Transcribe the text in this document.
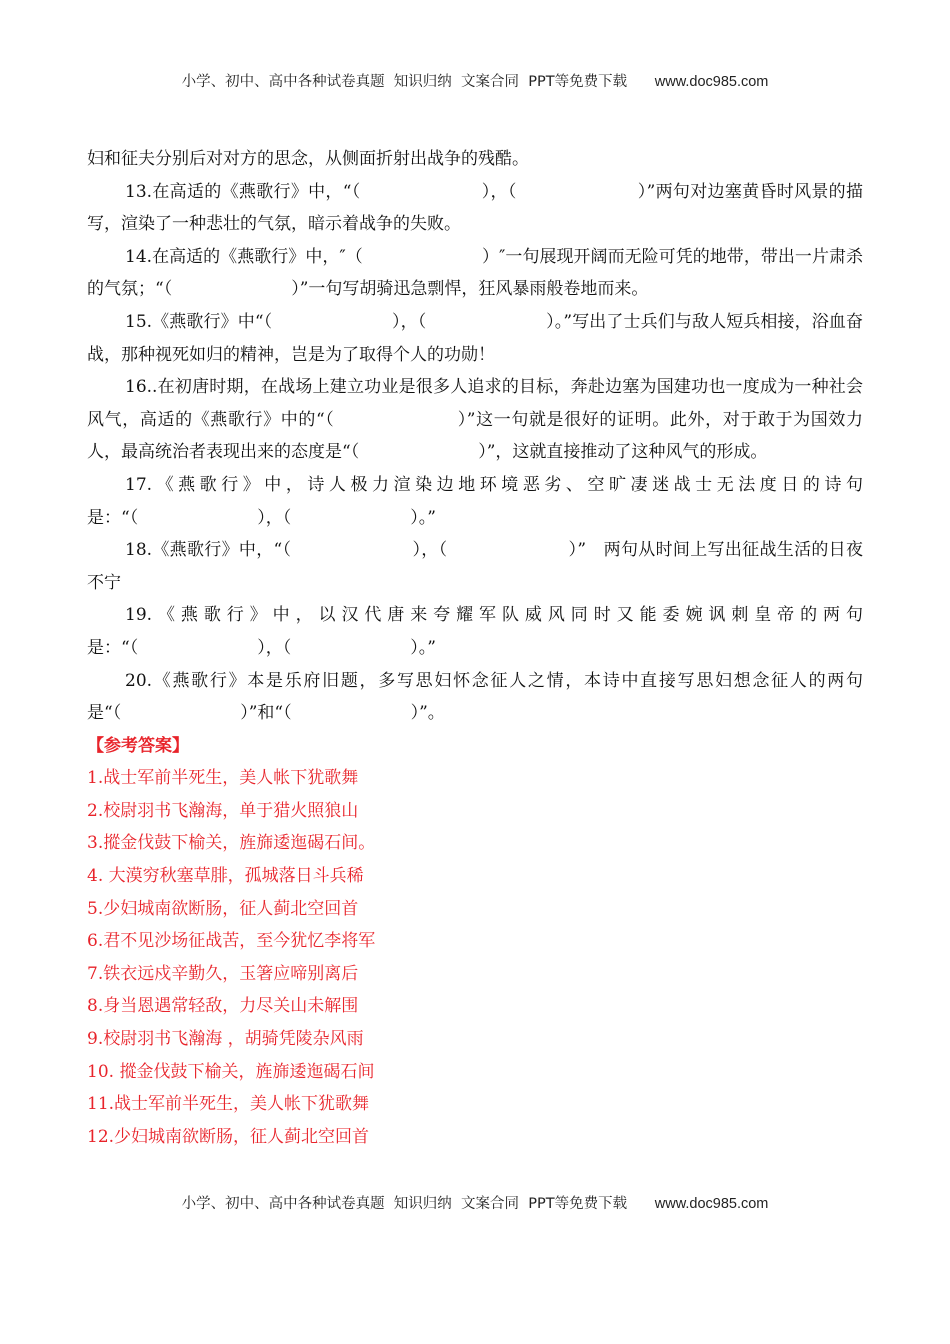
小学、初中、高中各种试卷真题  知识归纳  文案合同  PPT等免费下载 www.doc985.com

妇和征夫分别后对对方的思念，从侧面折射出战争的残酷。

13.在高适的《燕歌行》中，“（　　　　　　　），（　　　　　　　）”两句对边塞黄昏时风景的描写，渲染了一种悲壮的气氛，暗示着战争的失败。

14.在高适的《燕歌行》中，″（　　　　　　　）″一句展现开阔而无险可凭的地带，带出一片肃杀的气氛；“（　　　　　　　）”一句写胡骑迅急剽悍，狂风暴雨般卷地而来。

15.《燕歌行》中“（　　　　　　　），（　　　　　　　）。”写出了士兵们与敌人短兵相接，浴血奋战，那种视死如归的精神，岂是为了取得个人的功勋！

16..在初唐时期，在战场上建立功业是很多人追求的目标，奔赴边塞为国建功也一度成为一种社会风气，高适的《燕歌行》中的“（　　　　　　　）”这一句就是很好的证明。此外，对于敢于为国效力人，最高统治者表现出来的态度是“（　　　　　　　）”，这就直接推动了这种风气的形成。

17.《燕歌行》中，诗人极力渲染边地环境恶劣、空旷凄迷战士无法度日的诗句是：“（　　　　　　　），（　　　　　　　）。”

18.《燕歌行》中，“（　　　　　　　），（　　　　　　　）”　两句从时间上写出征战生活的日夜不宁

19.《燕歌行》中，以汉代唐来夸耀军队威风同时又能委婉讽刺皇帝的两句是：“（　　　　　　　），（　　　　　　　）。”

20.《燕歌行》本是乐府旧题，多写思妇怀念征人之情，本诗中直接写思妇想念征人的两句是“（　　　　　　　）”和“（　　　　　　　）”。

【参考答案】

1.战士军前半死生，美人帐下犹歌舞

2.校尉羽书飞瀚海，单于猎火照狼山

3.摐金伐鼓下榆关，旌旆逶迤碣石间。

4. 大漠穷秋塞草腓，孤城落日斗兵稀

5.少妇城南欲断肠，征人蓟北空回首

6.君不见沙场征战苦，至今犹忆李将军

7.铁衣远戍辛勤久，玉箸应啼别离后

8.身当恩遇常轻敌，力尽关山未解围

9.校尉羽书飞瀚海 ，胡骑凭陵杂风雨

10. 摐金伐鼓下榆关，旌旆逶迤碣石间

11.战士军前半死生，美人帐下犹歌舞

12.少妇城南欲断肠，征人蓟北空回首

小学、初中、高中各种试卷真题  知识归纳  文案合同  PPT等免费下载 www.doc985.com
